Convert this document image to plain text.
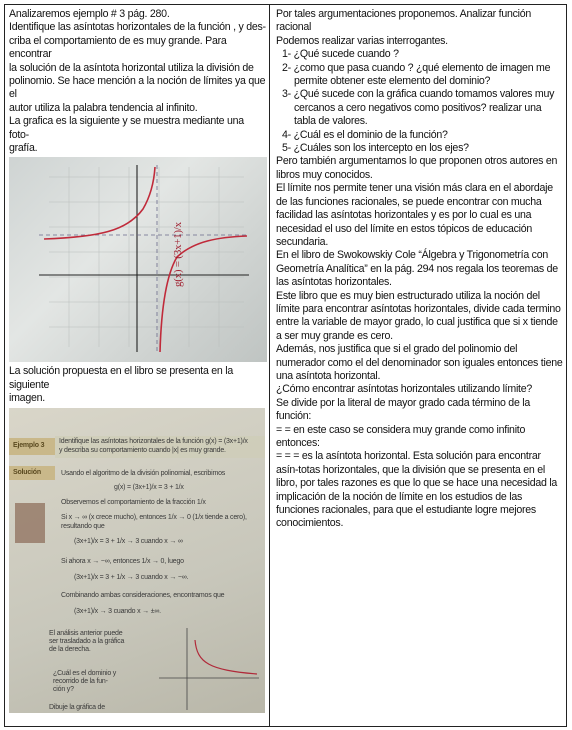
Analizaremos ejemplo # 3 pág. 280.

Identifique las asíntotas horizontales de la función , y des-

criba el comportamiento de es muy grande. Para encontrar

la solución de la asíntota horizontal utiliza la división de

polinomio. Se hace mención a la noción de límites ya que el

autor utiliza la palabra tendencia al infinito.

La grafica es la siguiente y se muestra mediante una foto-

grafía.

g(x) = (3x+1)/x

La solución propuesta en el libro se presenta en la siguiente

imagen.

Ejemplo 3
Solución
Identifique las asíntotas horizontales de la función g(x) = (3x+1)/x
y describa su comportamiento cuando |x| es muy grande.
Usando el algoritmo de la división polinomial, escribimos
g(x) = (3x+1)/x = 3 + 1/x
Observemos el comportamiento de la fracción 1/x
Si x → ∞ (x crece mucho), entonces 1/x → 0 (1/x tiende a cero),
resultando que
(3x+1)/x = 3 + 1/x → 3 cuando x → ∞
Si ahora x → −∞, entonces 1/x → 0, luego
(3x+1)/x = 3 + 1/x → 3 cuando x → −∞.
Combinando ambas consideraciones, encontramos que
(3x+1)/x → 3 cuando x → ±∞.
El análisis anterior puede
ser trasladado a la gráfica
de la derecha.
¿Cuál es el dominio y
recorrido de la fun-
ción y?
Dibuje la gráfica de

Por tales argumentaciones proponemos. Analizar función racional

Podemos realizar varias interrogantes.

1- ¿Qué sucede cuando ?

2- ¿como que pasa cuando ? ¿qué elemento de imagen me permite obtener este elemento del dominio?

3- ¿Qué sucede con la gráfica cuando tomamos valores muy cercanos a cero negativos como positivos? realizar una tabla de valores.

4- ¿Cuál es el dominio de la función?

5- ¿Cuáles son los intercepto en los ejes?

Pero también argumentamos lo que proponen otros autores en libros muy conocidos.

El límite nos permite tener una visión más clara en el abordaje de las funciones racionales, se puede encontrar con mucha facilidad las asíntotas horizontales y es por lo cual es una necesidad el uso del límite en estos tópicos de educación secundaria.

En el libro de Swokowskiy Cole “Álgebra y Trigonometría con Geometría Analítica” en la pág. 294 nos regala los teoremas de las asíntotas horizontales.

Este libro que es muy bien estructurado utiliza la noción del límite para encontrar asíntotas horizontales, divide cada termino entre la variable de mayor grado, lo cual justifica que si x tiende a ser muy grande es cero.

Además, nos justifica que si el grado del polinomio del numerador como el del denominador son iguales entonces tiene una asíntota horizontal.

¿Cómo encontrar asíntotas horizontales utilizando límite?

Se divide por la literal de mayor grado cada término de la función:

= = en este caso se considera muy grande como infinito entonces:

= = = es la asíntota horizontal. Esta solución para encontrar asín-totas horizontales, que la división que se presenta en el libro, por tales razones es que lo que se hace una necesidad la implicación de la noción de límite en los estudios de las funciones racionales, para que el estudiante logre mejores conocimientos.
